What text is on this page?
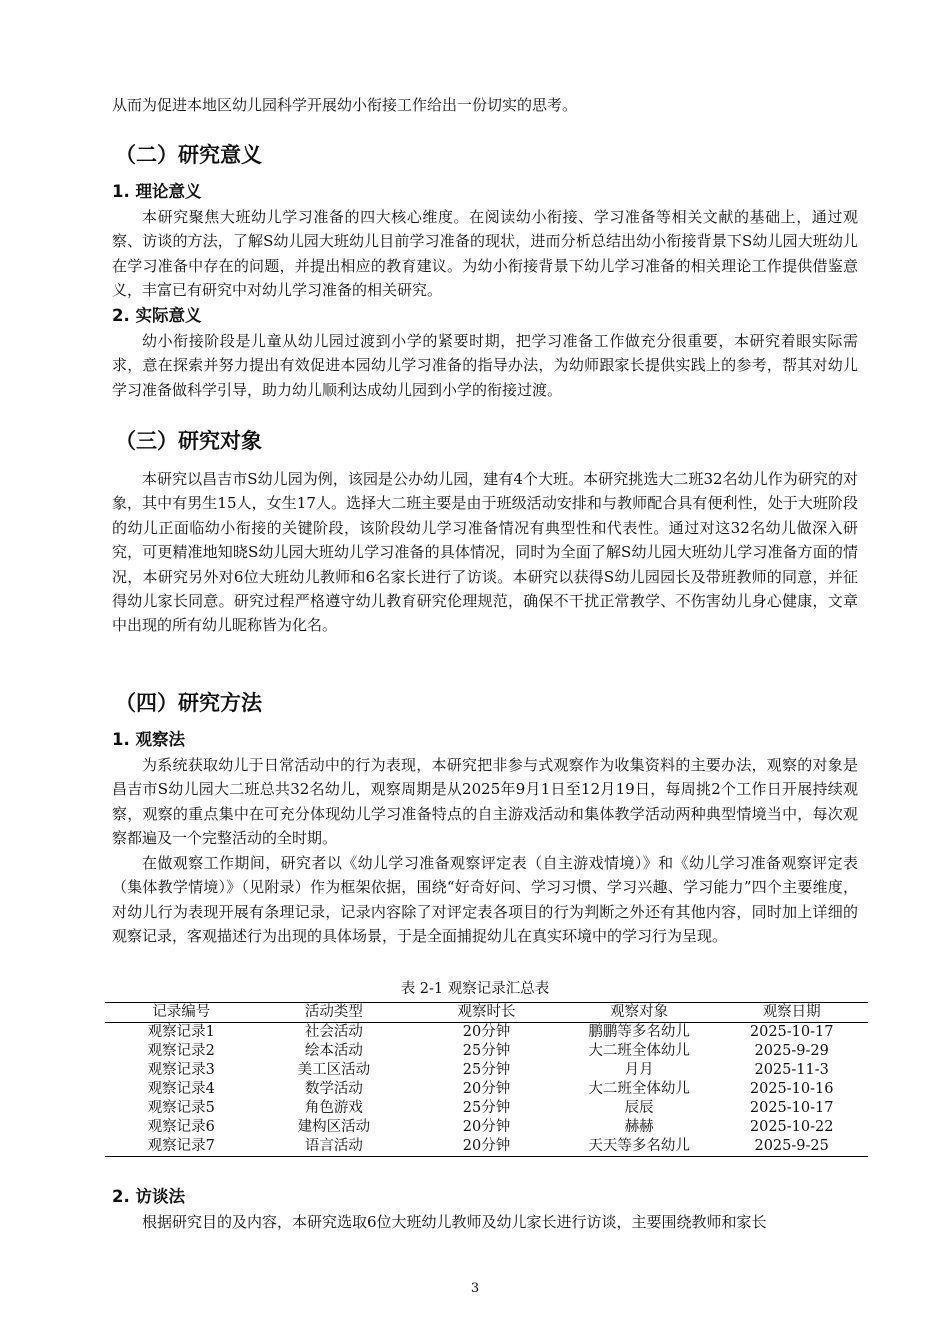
从而为促进本地区幼儿园科学开展幼小衔接工作给出一份切实的思考。

（二）研究意义
1. 理论意义

本研究聚焦大班幼儿学习准备的四大核心维度。在阅读幼小衔接、学习准备等相关文献的基础上，通过观察、访谈的方法，了解S幼儿园大班幼儿目前学习准备的现状，进而分析总结出幼小衔接背景下S幼儿园大班幼儿在学习准备中存在的问题，并提出相应的教育建议。为幼小衔接背景下幼儿学习准备的相关理论工作提供借鉴意义，丰富已有研究中对幼儿学习准备的相关研究。

2. 实际意义

幼小衔接阶段是儿童从幼儿园过渡到小学的紧要时期，把学习准备工作做充分很重要，本研究着眼实际需求，意在探索并努力提出有效促进本园幼儿学习准备的指导办法，为幼师跟家长提供实践上的参考，帮其对幼儿学习准备做科学引导，助力幼儿顺利达成幼儿园到小学的衔接过渡。

（三）研究对象

本研究以昌吉市S幼儿园为例，该园是公办幼儿园，建有4个大班。本研究挑选大二班32名幼儿作为研究的对象，其中有男生15人，女生17人。选择大二班主要是由于班级活动安排和与教师配合具有便利性，处于大班阶段的幼儿正面临幼小衔接的关键阶段，该阶段幼儿学习准备情况有典型性和代表性。通过对这32名幼儿做深入研究，可更精准地知晓S幼儿园大班幼儿学习准备的具体情况，同时为全面了解S幼儿园大班幼儿学习准备方面的情况，本研究另外对6位大班幼儿教师和6名家长进行了访谈。本研究以获得S幼儿园园长及带班教师的同意，并征得幼儿家长同意。研究过程严格遵守幼儿教育研究伦理规范，确保不干扰正常教学、不伤害幼儿身心健康，文章中出现的所有幼儿昵称皆为化名。

（四）研究方法
1. 观察法

为系统获取幼儿于日常活动中的行为表现，本研究把非参与式观察作为收集资料的主要办法，观察的对象是昌吉市S幼儿园大二班总共32名幼儿，观察周期是从2025年9月1日至12月19日，每周挑2个工作日开展持续观察，观察的重点集中在可充分体现幼儿学习准备特点的自主游戏活动和集体教学活动两种典型情境当中，每次观察都遍及一个完整活动的全时期。

在做观察工作期间，研究者以《幼儿学习准备观察评定表（自主游戏情境）》和《幼儿学习准备观察评定表（集体教学情境）》（见附录）作为框架依据，围绕“好奇好问、学习习惯、学习兴趣、学习能力”四个主要维度，对幼儿行为表现开展有条理记录，记录内容除了对评定表各项目的行为判断之外还有其他内容，同时加上详细的观察记录，客观描述行为出现的具体场景，于是全面捕捉幼儿在真实环境中的学习行为呈现。

表 2-1 观察记录汇总表

记录编号	活动类型	观察时长	观察对象	观察日期
观察记录1	社会活动	20分钟	鹏鹏等多名幼儿	2025-10-17
观察记录2	绘本活动	25分钟	大二班全体幼儿	2025-9-29
观察记录3	美工区活动	25分钟	月月	2025-11-3
观察记录4	数学活动	20分钟	大二班全体幼儿	2025-10-16
观察记录5	角色游戏	25分钟	辰辰	2025-10-17
观察记录6	建构区活动	20分钟	赫赫	2025-10-22
观察记录7	语言活动	20分钟	天天等多名幼儿	2025-9-25
2. 访谈法

根据研究目的及内容，本研究选取6位大班幼儿教师及幼儿家长进行访谈，主要围绕教师和家长

3
